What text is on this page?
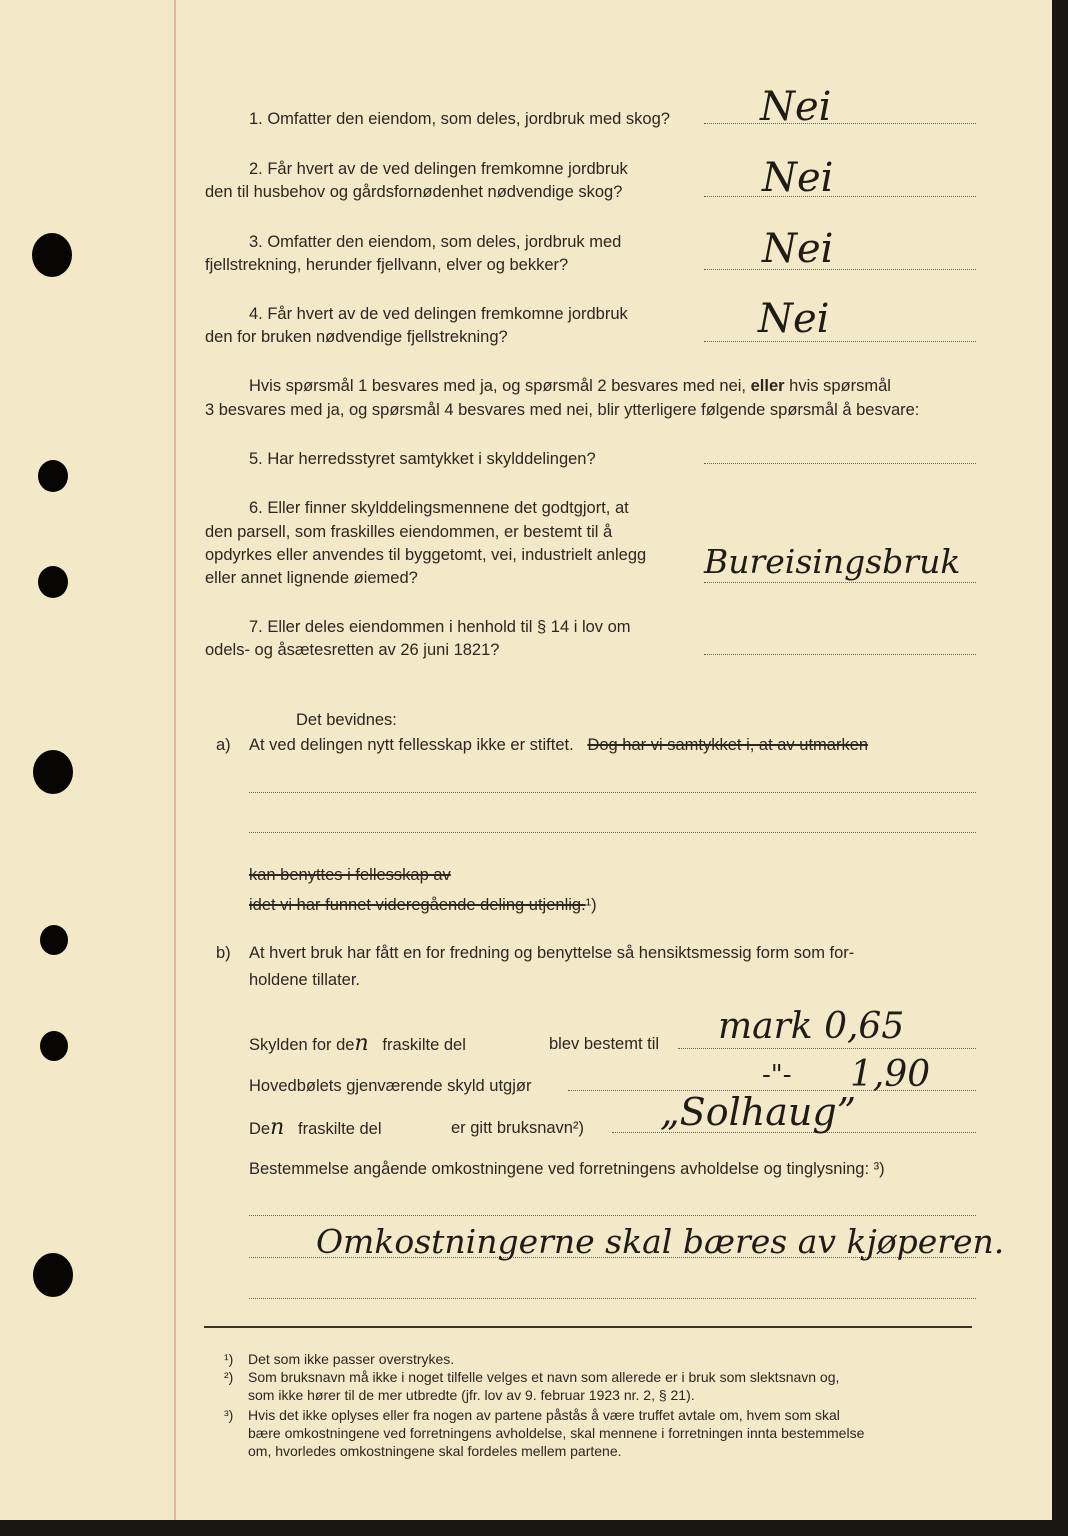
1. Omfatter den eiendom, som deles, jordbruk med skog? Nei
2. Får hvert av de ved delingen fremkomne jordbruk
den til husbehov og gårdsfornødenhet nødvendige skog?	Nei
3. Omfatter den eiendom, som deles, jordbruk med
fjellstrekning, herunder fjellvann, elver og bekker?	Nei
4. Får hvert av de ved delingen fremkomne jordbruk
den for bruken nødvendige fjellstrekning?	Nei
Hvis spørsmål 1 besvares med ja, og spørsmål 2 besvares med nei, eller hvis spørsmål
3 besvares med ja, og spørsmål 4 besvares med nei, blir ytterligere følgende spørsmål å besvare:
5. Har herredsstyret samtykket i skylddelingen?
6. Eller finner skylddelingsmennene det godtgjort, at
den parsell, som fraskilles eiendommen, er bestemt til å
opdyrkes eller anvendes til byggetomt, vei, industrielt anlegg
eller annet lignende øiemed?	Bureisingsbruk
7. Eller deles eiendommen i henhold til § 14 i lov om
odels- og åsætesretten av 26 juni 1821?
Det bevidnes:
a) At ved delingen nytt fellesskap ikke er stiftet. Dog har vi samtykket i, at av utmarken
kan benyttes i fellesskap av
idet vi har funnet videregående deling utjenlig.¹)
b) At hvert bruk har fått en for fredning og benyttelse så hensiktsmessig form som for-
holdene tillater.
Skylden for den fraskilte del	blev bestemt til mark 0,65
Hovedbølets gjenværende skyld utgjør	-"- 1,90
Den fraskilte del	er gitt bruksnavn²) „Solhaug”
Bestemmelse angående omkostningene ved forretningens avholdelse og tinglysning: ³)
Omkostningerne skal bæres av kjøperen.
¹) Det som ikke passer overstrykes.
²) Som bruksnavn må ikke i noget tilfelle velges et navn som allerede er i bruk som slektsnavn og,
som ikke hører til de mer utbredte (jfr. lov av 9. februar 1923 nr. 2, § 21).
³) Hvis det ikke oplyses eller fra nogen av partene påstås å være truffet avtale om, hvem som skal
bære omkostningene ved forretningens avholdelse, skal mennene i forretningen innta bestemmelse
om, hvorledes omkostningene skal fordeles mellem partene.
